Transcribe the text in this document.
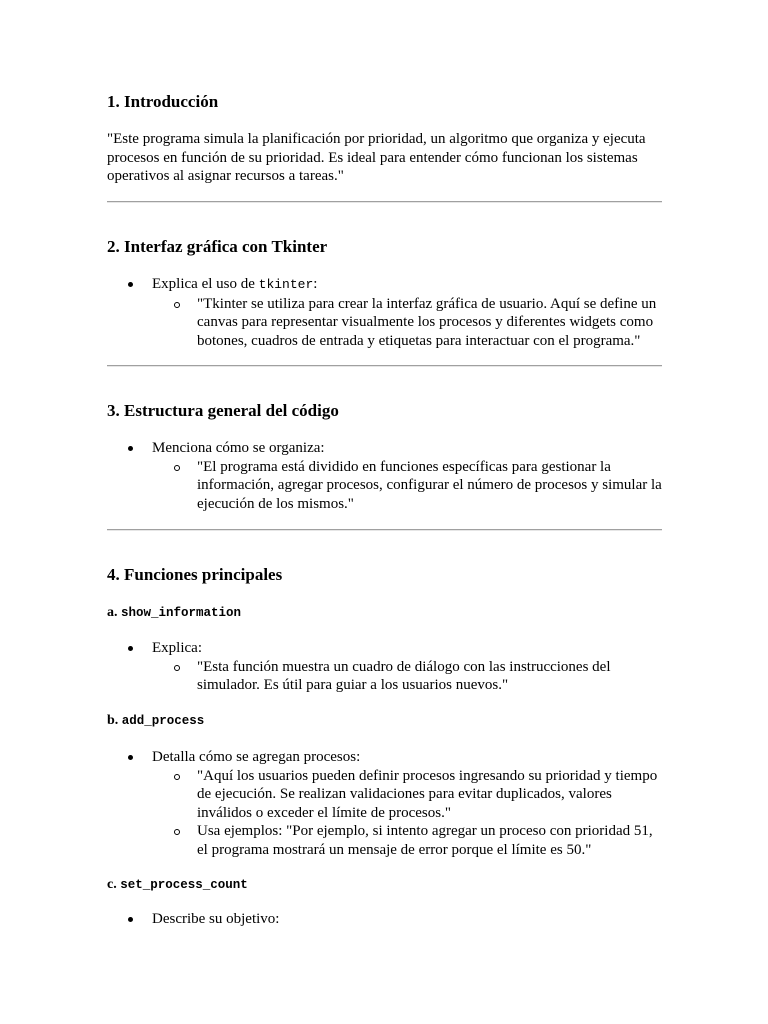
1. Introducción

"Este programa simula la planificación por prioridad, un algoritmo que organiza y ejecuta procesos en función de su prioridad. Es ideal para entender cómo funcionan los sistemas operativos al asignar recursos a tareas."

2. Interfaz gráfica con Tkinter
Explica el uso de tkinter:
"Tkinter se utiliza para crear la interfaz gráfica de usuario. Aquí se define un canvas para representar visualmente los procesos y diferentes widgets como botones, cuadros de entrada y etiquetas para interactuar con el programa."
3. Estructura general del código
Menciona cómo se organiza:
"El programa está dividido en funciones específicas para gestionar la información, agregar procesos, configurar el número de procesos y simular la ejecución de los mismos."
4. Funciones principales
a. show_information
Explica:
"Esta función muestra un cuadro de diálogo con las instrucciones del simulador. Es útil para guiar a los usuarios nuevos."
b. add_process
Detalla cómo se agregan procesos:
"Aquí los usuarios pueden definir procesos ingresando su prioridad y tiempo de ejecución. Se realizan validaciones para evitar duplicados, valores inválidos o exceder el límite de procesos."
Usa ejemplos: "Por ejemplo, si intento agregar un proceso con prioridad 51, el programa mostrará un mensaje de error porque el límite es 50."
c. set_process_count
Describe su objetivo:
